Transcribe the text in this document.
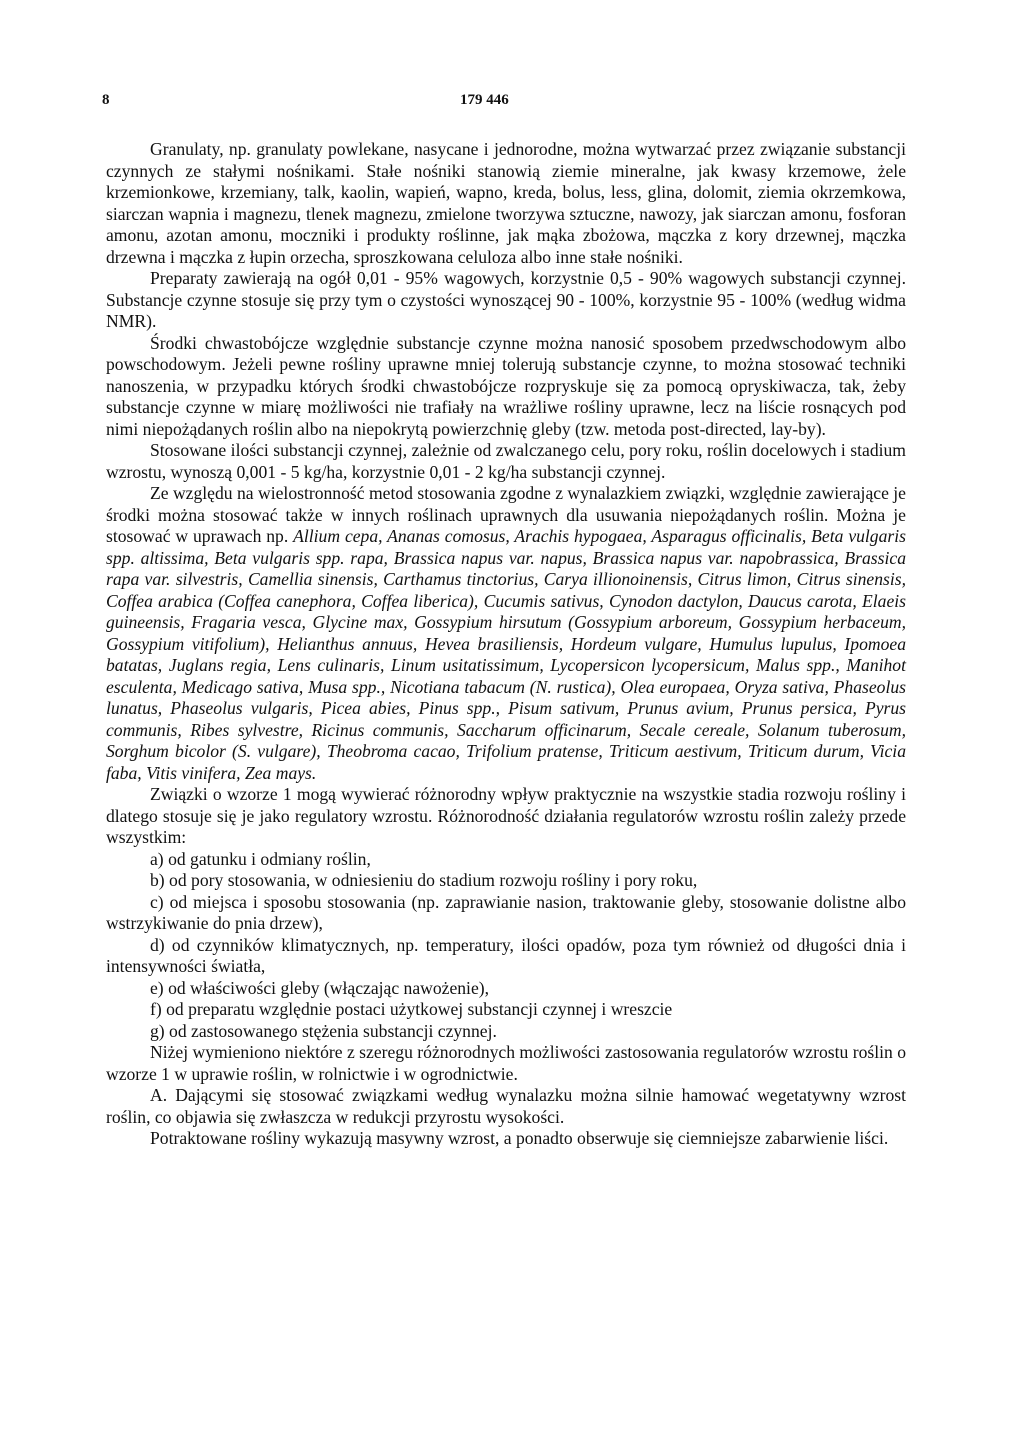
8	179 446

Granulaty, np. granulaty powlekane, nasycane i jednorodne, można wytwarzać przez związanie substancji czynnych ze stałymi nośnikami. Stałe nośniki stanowią ziemie mineralne, jak kwasy krzemowe, żele krzemionkowe, krzemiany, talk, kaolin, wapień, wapno, kreda, bolus, less, glina, dolomit, ziemia okrzemkowa, siarczan wapnia i magnezu, tlenek magnezu, zmielone tworzywa sztuczne, nawozy, jak siarczan amonu, fosforan amonu, azotan amonu, moczniki i produkty roślinne, jak mąka zbożowa, mączka z kory drzewnej, mączka drzewna i mączka z łupin orzecha, sproszkowana celuloza albo inne stałe nośniki.

Preparaty zawierają na ogół 0,01 - 95% wagowych, korzystnie 0,5 - 90% wagowych substancji czynnej. Substancje czynne stosuje się przy tym o czystości wynoszącej 90 - 100%, korzystnie 95 - 100% (według widma NMR).

Środki chwastobójcze względnie substancje czynne można nanosić sposobem przedwschodowym albo powschodowym. Jeżeli pewne rośliny uprawne mniej tolerują substancje czynne, to można stosować techniki nanoszenia, w przypadku których środki chwastobójcze rozpryskuje się za pomocą opryskiwacza, tak, żeby substancje czynne w miarę możliwości nie trafiały na wrażliwe rośliny uprawne, lecz na liście rosnących pod nimi niepożądanych roślin albo na niepokrytą powierzchnię gleby (tzw. metoda post-directed, lay-by).

Stosowane ilości substancji czynnej, zależnie od zwalczanego celu, pory roku, roślin docelowych i stadium wzrostu, wynoszą 0,001 - 5 kg/ha, korzystnie 0,01 - 2 kg/ha substancji czynnej.

Ze względu na wielostronność metod stosowania zgodne z wynalazkiem związki, względnie zawierające je środki można stosować także w innych roślinach uprawnych dla usuwania niepożądanych roślin. Można je stosować w uprawach np. Allium cepa, Ananas comosus, Arachis hypogaea, Asparagus officinalis, Beta vulgaris spp. altissima, Beta vulgaris spp. rapa, Brassica napus var. napus, Brassica napus var. napobrassica, Brassica rapa var. silvestris, Camellia sinensis, Carthamus tinctorius, Carya illionoinensis, Citrus limon, Citrus sinensis, Coffea arabica (Coffea canephora, Coffea liberica), Cucumis sativus, Cynodon dactylon, Daucus carota, Elaeis guineensis, Fragaria vesca, Glycine max, Gossypium hirsutum (Gossypium arboreum, Gossypium herbaceum, Gossypium vitifolium), Helianthus annuus, Hevea brasiliensis, Hordeum vulgare, Humulus lupulus, Ipomoea batatas, Juglans regia, Lens culinaris, Linum usitatissimum, Lycopersicon lycopersicum, Malus spp., Manihot esculenta, Medicago sativa, Musa spp., Nicotiana tabacum (N. rustica), Olea europaea, Oryza sativa, Phaseolus lunatus, Phaseolus vulgaris, Picea abies, Pinus spp., Pisum sativum, Prunus avium, Prunus persica, Pyrus communis, Ribes sylvestre, Ricinus communis, Saccharum officinarum, Secale cereale, Solanum tuberosum, Sorghum bicolor (S. vulgare), Theobroma cacao, Trifolium pratense, Triticum aestivum, Triticum durum, Vicia faba, Vitis vinifera, Zea mays.

Związki o wzorze 1 mogą wywierać różnorodny wpływ praktycznie na wszystkie stadia rozwoju rośliny i dlatego stosuje się je jako regulatory wzrostu. Różnorodność działania regulatorów wzrostu roślin zależy przede wszystkim:

a) od gatunku i odmiany roślin,

b) od pory stosowania, w odniesieniu do stadium rozwoju rośliny i pory roku,

c) od miejsca i sposobu stosowania (np. zaprawianie nasion, traktowanie gleby, stosowanie dolistne albo wstrzykiwanie do pnia drzew),

d) od czynników klimatycznych, np. temperatury, ilości opadów, poza tym również od długości dnia i intensywności światła,

e) od właściwości gleby (włączając nawożenie),

f) od preparatu względnie postaci użytkowej substancji czynnej i wreszcie

g) od zastosowanego stężenia substancji czynnej.

Niżej wymieniono niektóre z szeregu różnorodnych możliwości zastosowania regulatorów wzrostu roślin o wzorze 1 w uprawie roślin, w rolnictwie i w ogrodnictwie.

A. Dającymi się stosować związkami według wynalazku można silnie hamować wegetatywny wzrost roślin, co objawia się zwłaszcza w redukcji przyrostu wysokości.

Potraktowane rośliny wykazują masywny wzrost, a ponadto obserwuje się ciemniejsze zabarwienie liści.
